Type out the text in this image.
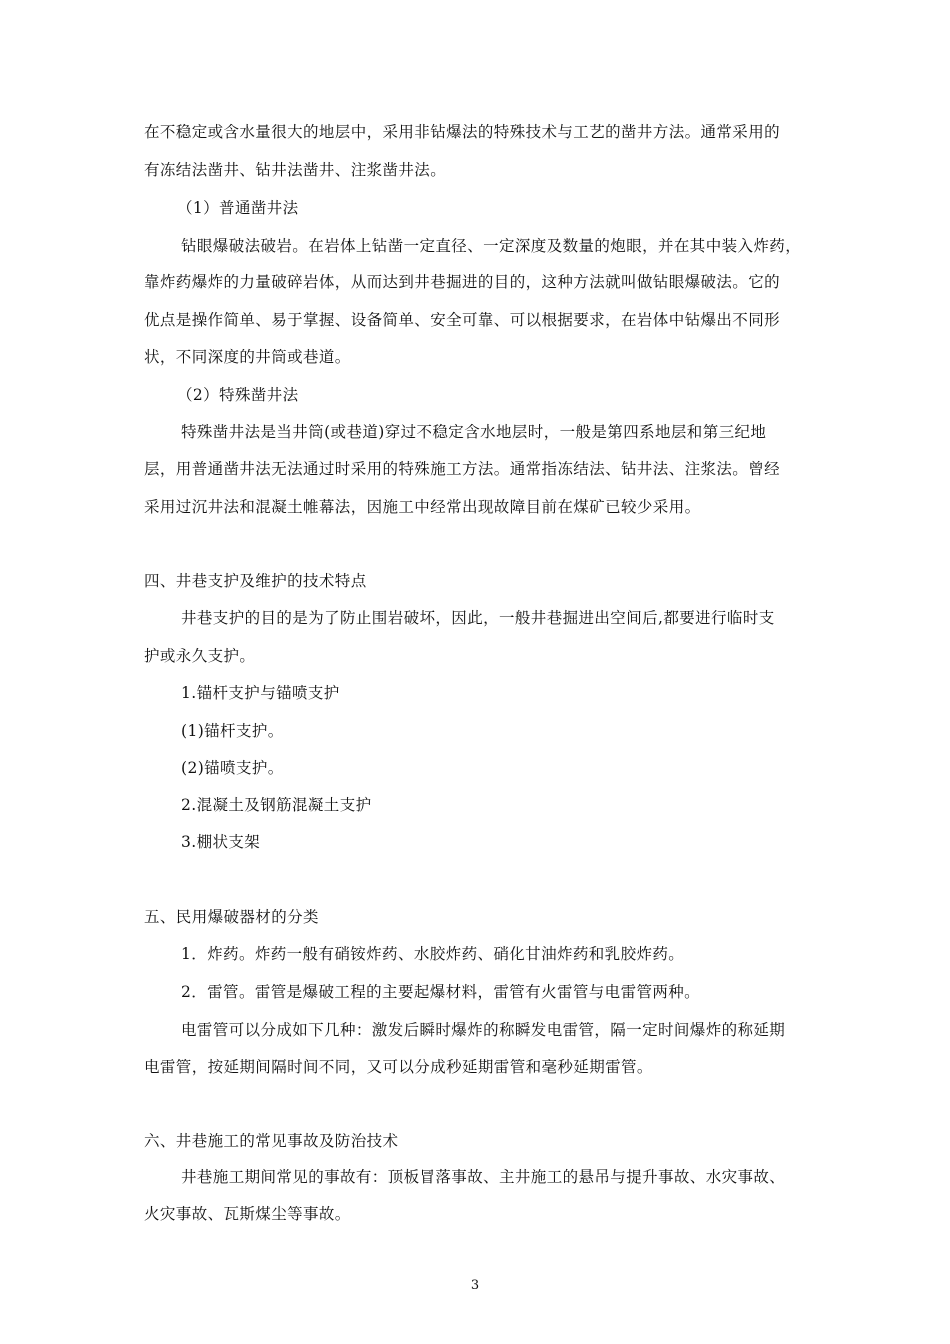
在不稳定或含水量很大的地层中，采用非钻爆法的特殊技术与工艺的凿井方法。通常采用的
有冻结法凿井、钻井法凿井、注浆凿井法。
（1）普通凿井法
钻眼爆破法破岩。在岩体上钻凿一定直径、一定深度及数量的炮眼，并在其中装入炸药，
靠炸药爆炸的力量破碎岩体，从而达到井巷掘进的目的，这种方法就叫做钻眼爆破法。它的
优点是操作简单、易于掌握、设备简单、安全可靠、可以根据要求，在岩体中钻爆出不同形
状，不同深度的井筒或巷道。
（2）特殊凿井法
特殊凿井法是当井筒(或巷道)穿过不稳定含水地层时，一般是第四系地层和第三纪地
层，用普通凿井法无法通过时采用的特殊施工方法。通常指冻结法、钻井法、注浆法。曾经
采用过沉井法和混凝土帷幕法，因施工中经常出现故障目前在煤矿已较少采用。
四、井巷支护及维护的技术特点
井巷支护的目的是为了防止围岩破坏，因此，一般井巷掘进出空间后,都要进行临时支
护或永久支护。
1.锚杆支护与锚喷支护
(1)锚杆支护。
(2)锚喷支护。
2.混凝土及钢筋混凝土支护
3.棚状支架
五、民用爆破器材的分类
1．炸药。炸药一般有硝铵炸药、水胶炸药、硝化甘油炸药和乳胶炸药。
2．雷管。雷管是爆破工程的主要起爆材料，雷管有火雷管与电雷管两种。
电雷管可以分成如下几种：激发后瞬时爆炸的称瞬发电雷管，隔一定时间爆炸的称延期
电雷管，按延期间隔时间不同，又可以分成秒延期雷管和毫秒延期雷管。
六、井巷施工的常见事故及防治技术
井巷施工期间常见的事故有：顶板冒落事故、主井施工的悬吊与提升事故、水灾事故、
火灾事故、瓦斯煤尘等事故。
3
